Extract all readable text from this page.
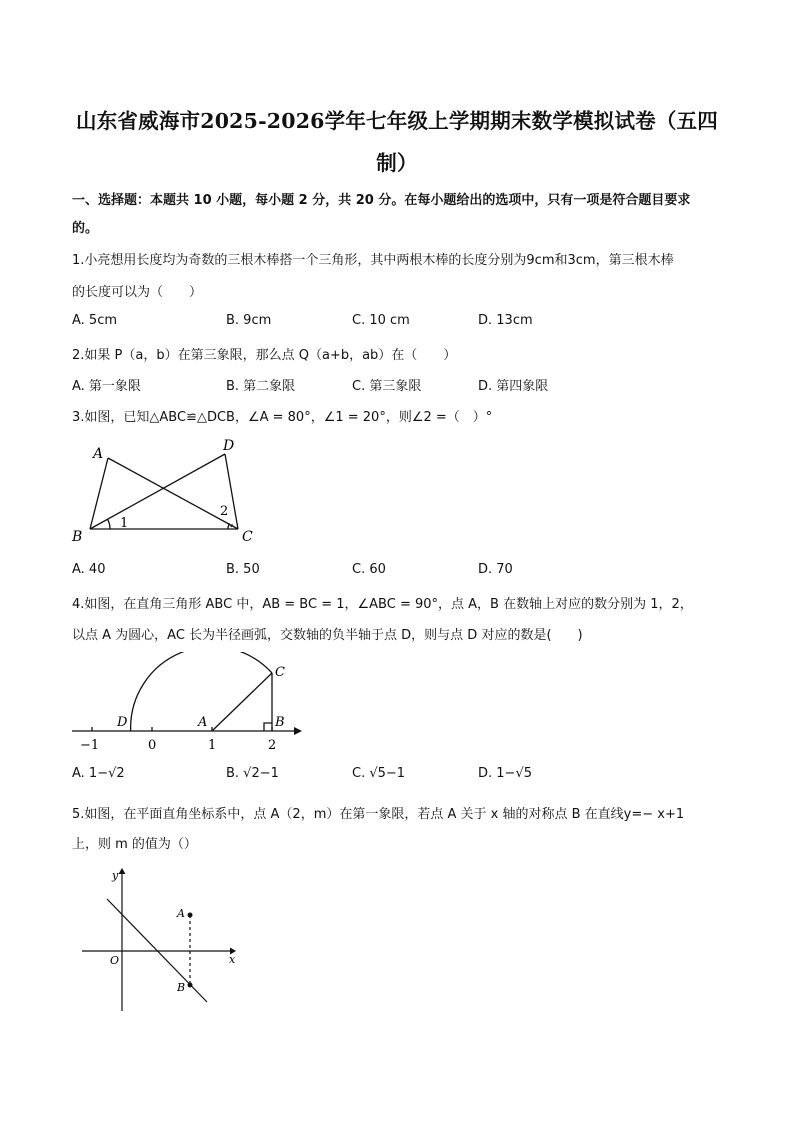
山东省威海市2025-2026学年七年级上学期期末数学模拟试卷（五四制）
一、选择题：本题共 10 小题，每小题 2 分，共 20 分。在每小题给出的选项中，只有一项是符合题目要求
的。
1.小亮想用长度均为奇数的三根木棒搭一个三角形，其中两根木棒的长度分别为9cm和3cm，第三根木棒
的长度可以为（　　）
A. 5cm	B. 9cm	C. 10 cm	D. 13cm
2.如果 P（a，b）在第三象限，那么点 Q（a+b，ab）在（　　）
A. 第一象限	B. 第二象限	C. 第三象限	D. 第四象限
3.如图，已知△ABC≌△DCB，∠A = 80°，∠1 = 20°，则∠2 =（　）°
A	D
B	C
1
2
A. 40	B. 50	C. 60	D. 70
4.如图，在直角三角形 ABC 中，AB = BC = 1，∠ABC = 90°，点 A，B 在数轴上对应的数分别为 1，2，
以点 A 为圆心，AC 长为半径画弧，交数轴的负半轴于点 D，则与点 D 对应的数是(　　)
C
D	A	B
−1	0	1	2
A. 1−√2	B. √2−1	C. √5−1	D. 1−√5
5.如图，在平面直角坐标系中，点 A（2，m）在第一象限，若点 A 关于 x 轴的对称点 B 在直线y=− x+1
上，则 m 的值为（）
y
x
O
A
B
